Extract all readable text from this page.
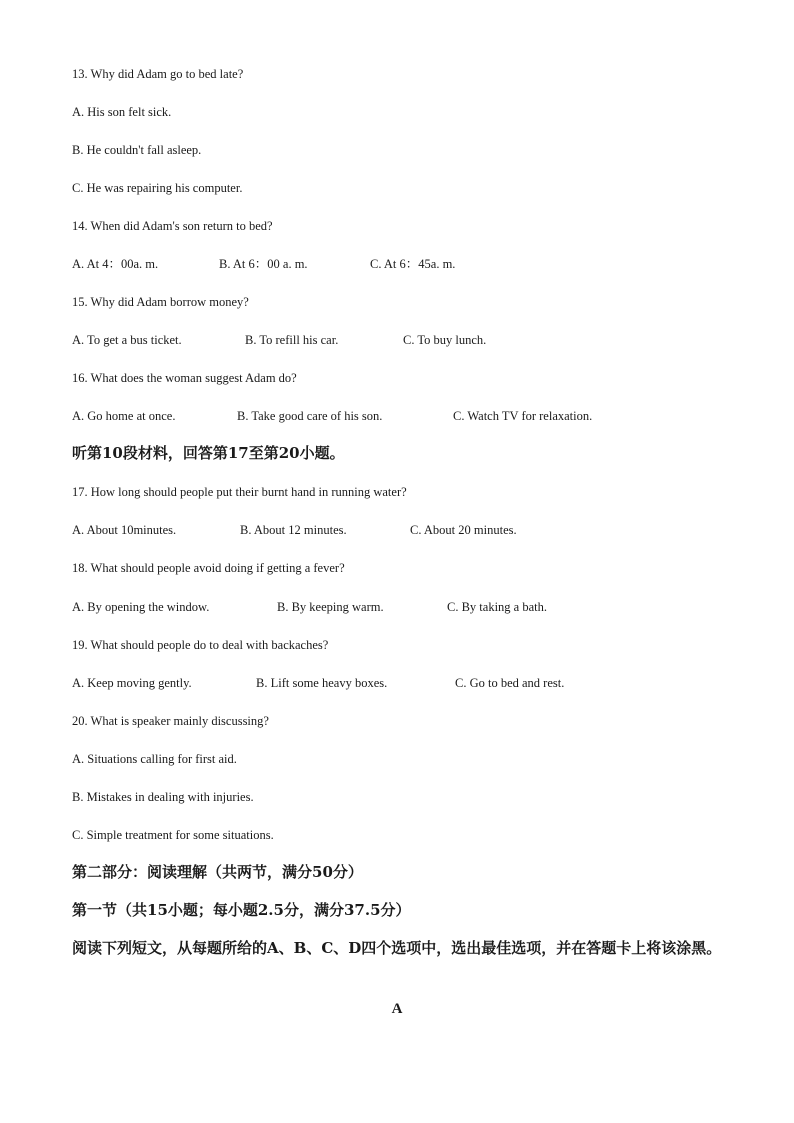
13. Why did Adam go to bed late?
A. His son felt sick.
B. He couldn't fall asleep.
C. He was repairing his computer.
14. When did Adam's son return to bed?
A. At 4：00a. m.	B. At 6：00 a. m.	C. At 6：45a. m.
15. Why did Adam borrow money?
A. To get a bus ticket.	B. To refill his car.	C. To buy lunch.
16. What does the woman suggest Adam do?
A. Go home at once.	B. Take good care of his son.	C. Watch TV for relaxation.
听第10段材料，回答第17至第20小题。
17. How long should people put their burnt hand in running water?
A. About 10minutes.	B. About 12 minutes.	C. About 20 minutes.
18. What should people avoid doing if getting a fever?
A. By opening the window.	B. By keeping warm.	C. By taking a bath.
19. What should people do to deal with backaches?
A. Keep moving gently.	B. Lift some heavy boxes.	C. Go to bed and rest.
20. What is speaker mainly discussing?
A. Situations calling for first aid.
B. Mistakes in dealing with injuries.
C. Simple treatment for some situations.
第二部分：阅读理解（共两节，满分50分）
第一节（共15小题；每小题2.5分，满分37.5分）
阅读下列短文，从每题所给的A、B、C、D四个选项中，选出最佳选项，并在答题卡上将该涂黑。
A
